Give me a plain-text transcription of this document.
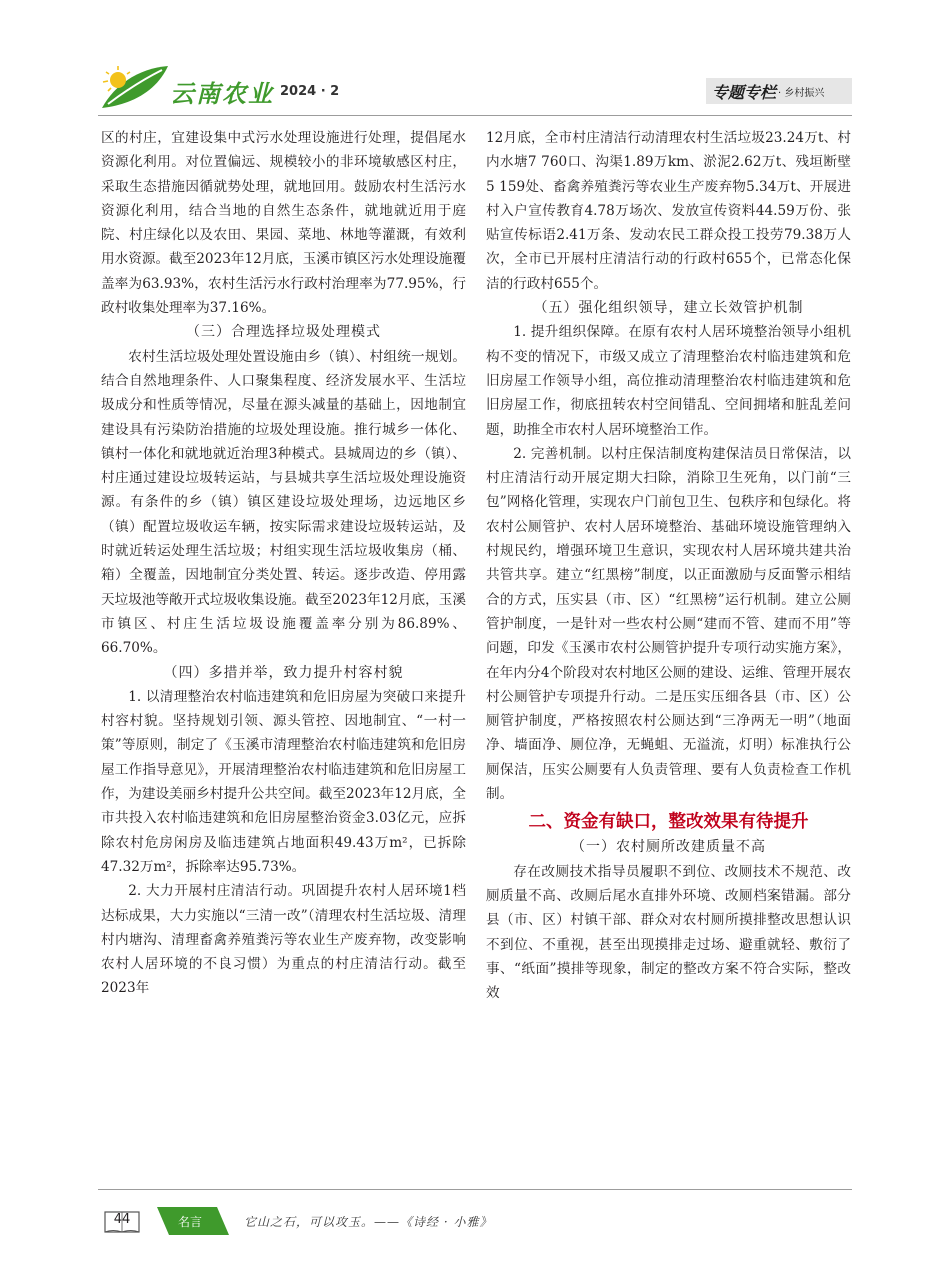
云南农业 2024 · 2	专题专栏 · 乡村振兴

区的村庄，宜建设集中式污水处理设施进行处理，提倡尾水资源化利用。对位置偏远、规模较小的非环境敏感区村庄，采取生态措施因循就势处理，就地回用。鼓励农村生活污水资源化利用，结合当地的自然生态条件，就地就近用于庭院、村庄绿化以及农田、果园、菜地、林地等灌溉，有效利用水资源。截至2023年12月底，玉溪市镇区污水处理设施覆盖率为63.93%，农村生活污水行政村治理率为77.95%，行政村收集处理率为37.16%。

（三）合理选择垃圾处理模式

农村生活垃圾处理处置设施由乡（镇）、村组统一规划。结合自然地理条件、人口聚集程度、经济发展水平、生活垃圾成分和性质等情况，尽量在源头减量的基础上，因地制宜建设具有污染防治措施的垃圾处理设施。推行城乡一体化、镇村一体化和就地就近治理3种模式。县城周边的乡（镇）、村庄通过建设垃圾转运站，与县城共享生活垃圾处理设施资源。有条件的乡（镇）镇区建设垃圾处理场，边远地区乡（镇）配置垃圾收运车辆，按实际需求建设垃圾转运站，及时就近转运处理生活垃圾；村组实现生活垃圾收集房（桶、箱）全覆盖，因地制宜分类处置、转运。逐步改造、停用露天垃圾池等敞开式垃圾收集设施。截至2023年12月底，玉溪市镇区、村庄生活垃圾设施覆盖率分别为86.89%、66.70%。

（四）多措并举，致力提升村容村貌

1. 以清理整治农村临违建筑和危旧房屋为突破口来提升村容村貌。坚持规划引领、源头管控、因地制宜、“一村一策”等原则，制定了《玉溪市清理整治农村临违建筑和危旧房屋工作指导意见》，开展清理整治农村临违建筑和危旧房屋工作，为建设美丽乡村提升公共空间。截至2023年12月底，全市共投入农村临违建筑和危旧房屋整治资金3.03亿元，应拆除农村危房闲房及临违建筑占地面积49.43万m²，已拆除47.32万m²，拆除率达95.73%。

2. 大力开展村庄清洁行动。巩固提升农村人居环境1档达标成果，大力实施以“三清一改”（清理农村生活垃圾、清理村内塘沟、清理畜禽养殖粪污等农业生产废弃物，改变影响农村人居环境的不良习惯）为重点的村庄清洁行动。截至2023年

12月底，全市村庄清洁行动清理农村生活垃圾23.24万t、村内水塘7 760口、沟渠1.89万km、淤泥2.62万t、残垣断壁5 159处、畜禽养殖粪污等农业生产废弃物5.34万t、开展进村入户宣传教育4.78万场次、发放宣传资料44.59万份、张贴宣传标语2.41万条、发动农民工群众投工投劳79.38万人次，全市已开展村庄清洁行动的行政村655个，已常态化保洁的行政村655个。

（五）强化组织领导，建立长效管护机制

1. 提升组织保障。在原有农村人居环境整治领导小组机构不变的情况下，市级又成立了清理整治农村临违建筑和危旧房屋工作领导小组，高位推动清理整治农村临违建筑和危旧房屋工作，彻底扭转农村空间错乱、空间拥堵和脏乱差问题，助推全市农村人居环境整治工作。

2. 完善机制。以村庄保洁制度构建保洁员日常保洁，以村庄清洁行动开展定期大扫除，消除卫生死角，以门前“三包”网格化管理，实现农户门前包卫生、包秩序和包绿化。将农村公厕管护、农村人居环境整治、基础环境设施管理纳入村规民约，增强环境卫生意识，实现农村人居环境共建共治共管共享。建立“红黑榜”制度，以正面激励与反面警示相结合的方式，压实县（市、区）“红黑榜”运行机制。建立公厕管护制度，一是针对一些农村公厕“建而不管、建而不用”等问题，印发《玉溪市农村公厕管护提升专项行动实施方案》，在年内分4个阶段对农村地区公厕的建设、运维、管理开展农村公厕管护专项提升行动。二是压实压细各县（市、区）公厕管护制度，严格按照农村公厕达到“三净两无一明”（地面净、墙面净、厕位净，无蝇蛆、无溢流，灯明）标准执行公厕保洁，压实公厕要有人负责管理、要有人负责检查工作机制。

二、资金有缺口，整改效果有待提升
（一）农村厕所改建质量不高

存在改厕技术指导员履职不到位、改厕技术不规范、改厕质量不高、改厕后尾水直排外环境、改厕档案错漏。部分县（市、区）村镇干部、群众对农村厕所摸排整改思想认识不到位、不重视，甚至出现摸排走过场、避重就轻、敷衍了事、“纸面”摸排等现象，制定的整改方案不符合实际，整改效

44	名言	它山之石，可以攻玉。——《诗经 · 小雅》
